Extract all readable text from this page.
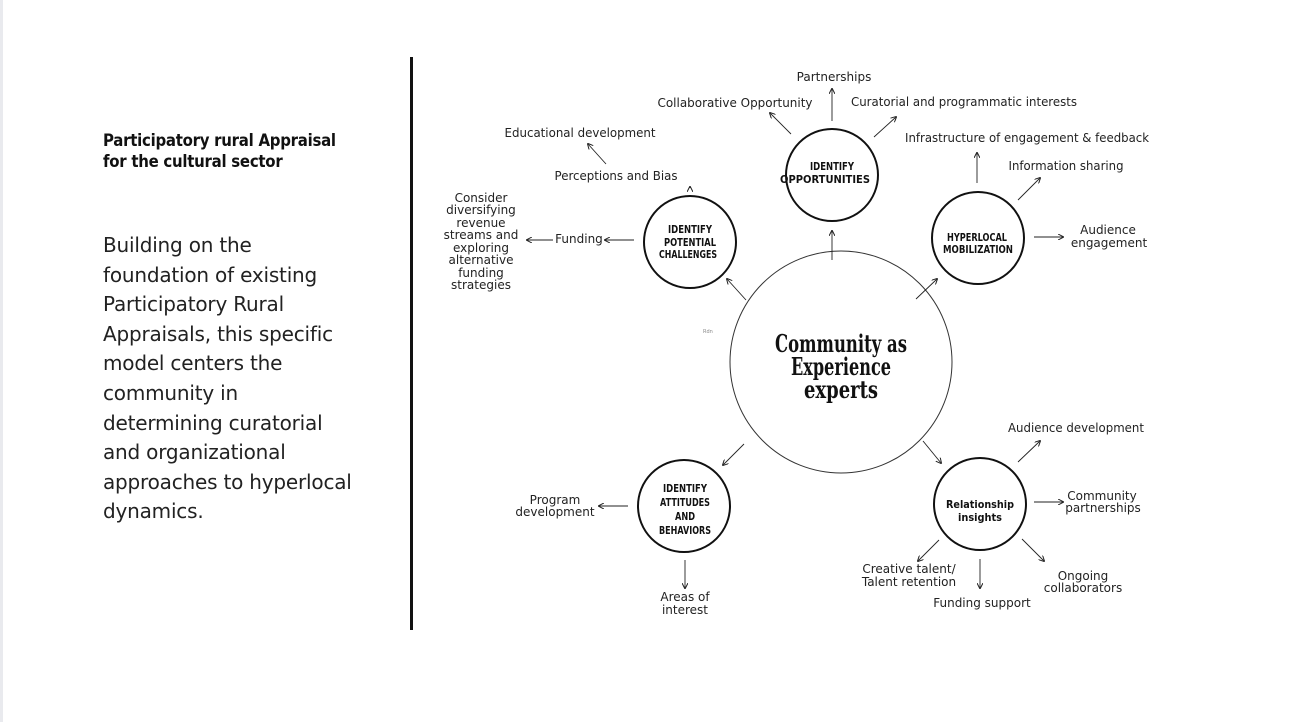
Participatory rural Appraisal for the cultural sector
Building on the foundation of existing Participatory Rural Appraisals, this specific model centers the community in determining curatorial and organizational approaches to hyperlocal dynamics.
Community as
Experience
experts
Rdn
IDENTIFY
OPPORTUNITIES
IDENTIFY
POTENTIAL
CHALLENGES
HYPERLOCAL
MOBILIZATION
IDENTIFY
ATTITUDES
AND
BEHAVIORS
Relationship
insights
Partnerships
Collaborative Opportunity	Curatorial and programmatic interests
Educational development
Perceptions and Bias
Funding
Consider
diversifying
revenue
streams and
exploring
alternative
funding
strategies
Infrastructure of engagement & feedback
Information sharing
Audience
engagement
Audience development
Community
partnerships
Ongoing
collaborators
Funding support
Creative talent/
Talent retention
Program
development
Areas of
interest
